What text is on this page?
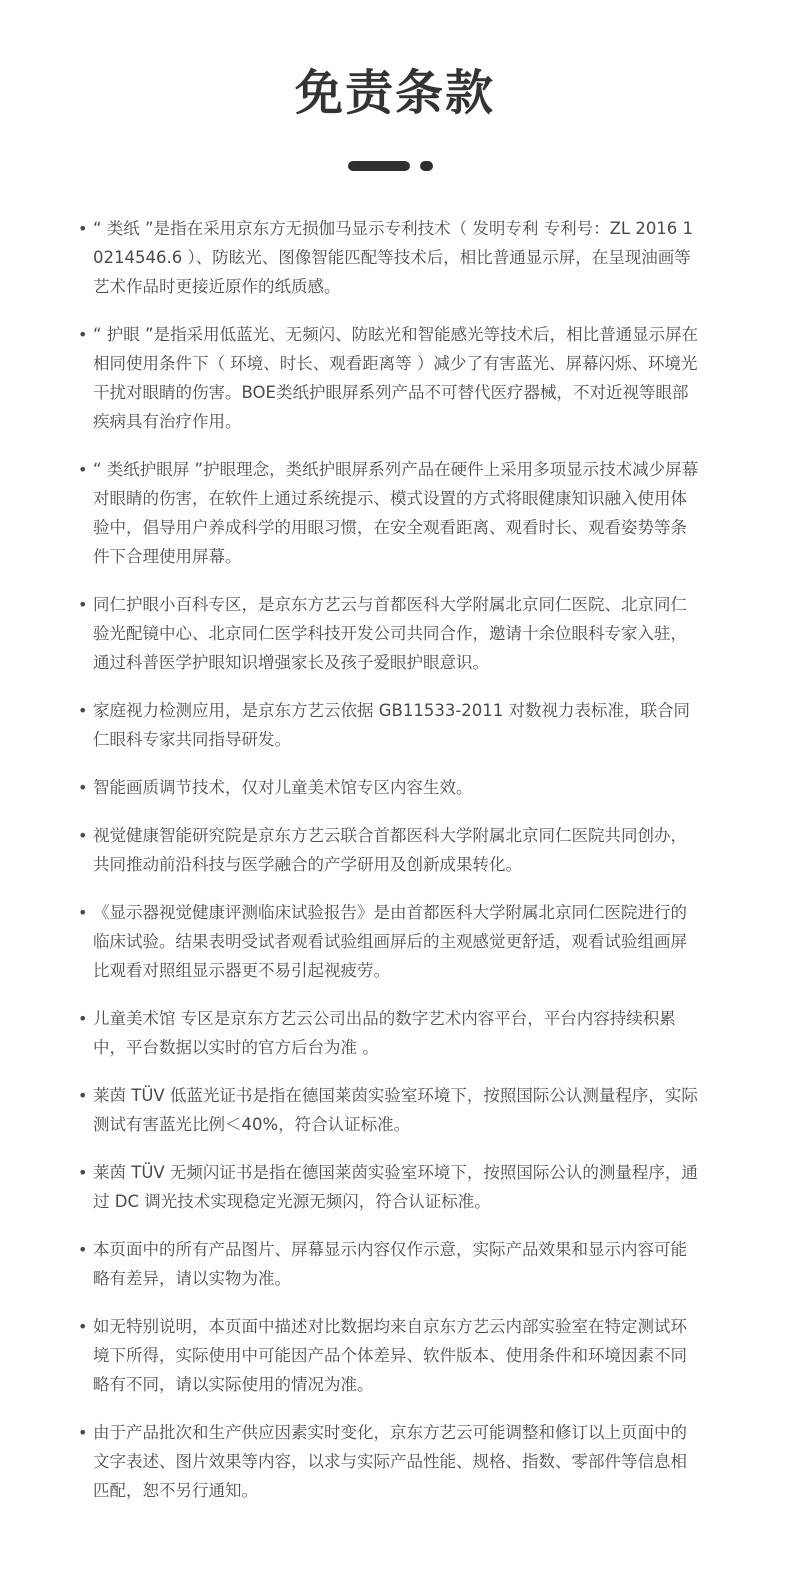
免责条款
• “ 类纸 ”是指在采用京东方无损伽马显示专利技术（ 发明专利 专利号：ZL 2016 1 0214546.6 ）、防眩光、图像智能匹配等技术后，相比普通显示屏，在呈现油画等艺术作品时更接近原作的纸质感。
• “ 护眼 ”是指采用低蓝光、无频闪、防眩光和智能感光等技术后，相比普通显示屏在相同使用条件下（ 环境、时长、观看距离等 ）减少了有害蓝光、屏幕闪烁、环境光干扰对眼睛的伤害。BOE类纸护眼屏系列产品不可替代医疗器械，不对近视等眼部疾病具有治疗作用。
• “ 类纸护眼屏 ”护眼理念，类纸护眼屏系列产品在硬件上采用多项显示技术减少屏幕对眼睛的伤害，在软件上通过系统提示、模式设置的方式将眼健康知识融入使用体验中，倡导用户养成科学的用眼习惯，在安全观看距离、观看时长、观看姿势等条件下合理使用屏幕。
• 同仁护眼小百科专区，是京东方艺云与首都医科大学附属北京同仁医院、北京同仁验光配镜中心、北京同仁医学科技开发公司共同合作，邀请十余位眼科专家入驻，通过科普医学护眼知识增强家长及孩子爱眼护眼意识。
• 家庭视力检测应用，是京东方艺云依据 GB11533-2011 对数视力表标准，联合同仁眼科专家共同指导研发。
• 智能画质调节技术，仅对儿童美术馆专区内容生效。
• 视觉健康智能研究院是京东方艺云联合首都医科大学附属北京同仁医院共同创办，共同推动前沿科技与医学融合的产学研用及创新成果转化。
• 《显示器视觉健康评测临床试验报告》是由首都医科大学附属北京同仁医院进行的临床试验。结果表明受试者观看试验组画屏后的主观感觉更舒适，观看试验组画屏比观看对照组显示器更不易引起视疲劳。
• 儿童美术馆 专区是京东方艺云公司出品的数字艺术内容平台，平台内容持续积累中，平台数据以实时的官方后台为准 。
• 莱茵 TÜV 低蓝光证书是指在德国莱茵实验室环境下，按照国际公认测量程序，实际测试有害蓝光比例＜40%，符合认证标准。
• 莱茵 TÜV 无频闪证书是指在德国莱茵实验室环境下，按照国际公认的测量程序，通过 DC 调光技术实现稳定光源无频闪，符合认证标准。
• 本页面中的所有产品图片、屏幕显示内容仅作示意，实际产品效果和显示内容可能略有差异，请以实物为准。
• 如无特别说明，本页面中描述对比数据均来自京东方艺云内部实验室在特定测试环境下所得，实际使用中可能因产品个体差异、软件版本、使用条件和环境因素不同略有不同，请以实际使用的情况为准。
• 由于产品批次和生产供应因素实时变化，京东方艺云可能调整和修订以上页面中的文字表述、图片效果等内容，以求与实际产品性能、规格、指数、零部件等信息相匹配，恕不另行通知。
